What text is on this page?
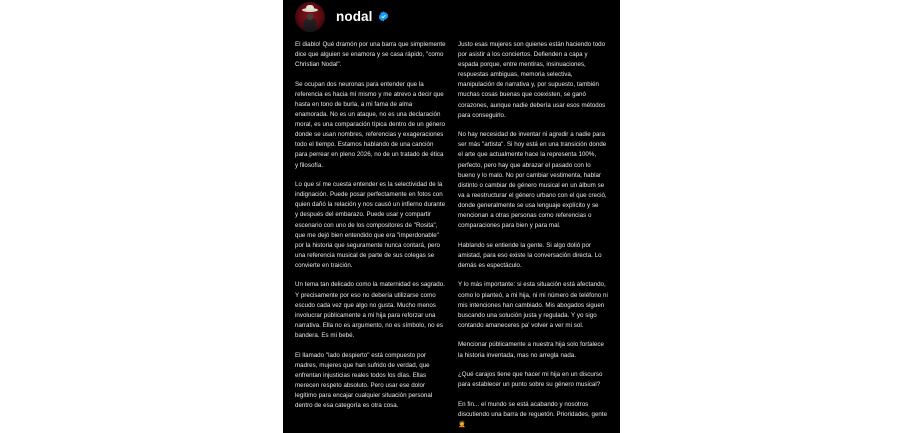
nodal

El diablo! Qué dramón por una barra que simplemente dice que alguien se enamora y se casa rápido, "como Christian Nodal".

Se ocupan dos neuronas para entender que la referencia es hacia mí mismo y me atrevo a decir que hasta en tono de burla, a mi fama de alma enamorada. No es un ataque, no es una declaración moral, es una comparación típica dentro de un género donde se usan nombres, referencias y exageraciones todo el tiempo. Estamos hablando de una canción para perrear en pleno 2026, no de un tratado de ética y filosofía.

Lo que sí me cuesta entender es la selectividad de la indignación. Puede posar perfectamente en fotos con quien dañó la relación y nos causó un infierno durante y después del embarazo. Puede usar y compartir escenario con uno de los compositores de "Rosita", que me dejó bien entendido que era "imperdonable" por la historia que seguramente nunca contará, pero una referencia musical de parte de sus colegas se convierte en traición.

Un tema tan delicado como la maternidad es sagrado. Y precisamente por eso no debería utilizarse como escudo cada vez que algo no gusta. Mucho menos involucrar públicamente a mi hija para reforzar una narrativa. Ella no es argumento, no es símbolo, no es bandera. Es mi bebé.

El llamado "lado despierto" está compuesto por madres, mujeres que han sufrido de verdad, que enfrentan injusticias reales todos los días. Ellas merecen respeto absoluto. Pero usar ese dolor legítimo para encajar cualquier situación personal dentro de esa categoría es otra cosa.

Justo esas mujeres son quienes están haciendo todo por asistir a los conciertos. Defienden a capa y espada porque, entre mentiras, insinuaciones, respuestas ambiguas, memoria selectiva, manipulación de narrativa y, por supuesto, también muchas cosas buenas que coexisten, se ganó corazones, aunque nadie debería usar esos métodos para conseguirlo.

No hay necesidad de inventar ni agredir a nadie para ser más "artista". Si hoy está en una transición donde el arte que actualmente hace la representa 100%, perfecto, pero hay que abrazar el pasado con lo bueno y lo malo. No por cambiar vestimenta, hablar distinto o cambiar de género musical en un álbum se va a reestructurar el género urbano con el que creció, donde generalmente se usa lenguaje explícito y se mencionan a otras personas como referencias o comparaciones para bien y para mal.

Hablando se entiende la gente. Si algo dolió por amistad, para eso existe la conversación directa. Lo demás es espectáculo.

Y lo más importante: si esta situación está afectando, como lo planteó, a mi hija, ni mi número de teléfono ni mis intenciones han cambiado. Mis abogados siguen buscando una solución justa y regulada. Y yo sigo contando amaneceres pa' volver a ver mi sol.

Mencionar públicamente a nuestra hija solo fortalece la historia inventada, mas no arregla nada.

¿Qué carajos tiene que hacer mi hija en un discurso para establecer un punto sobre su género musical?

En fin... el mundo se está acabando y nosotros discutiendo una barra de reguetón. Prioridades, gente 🤦
